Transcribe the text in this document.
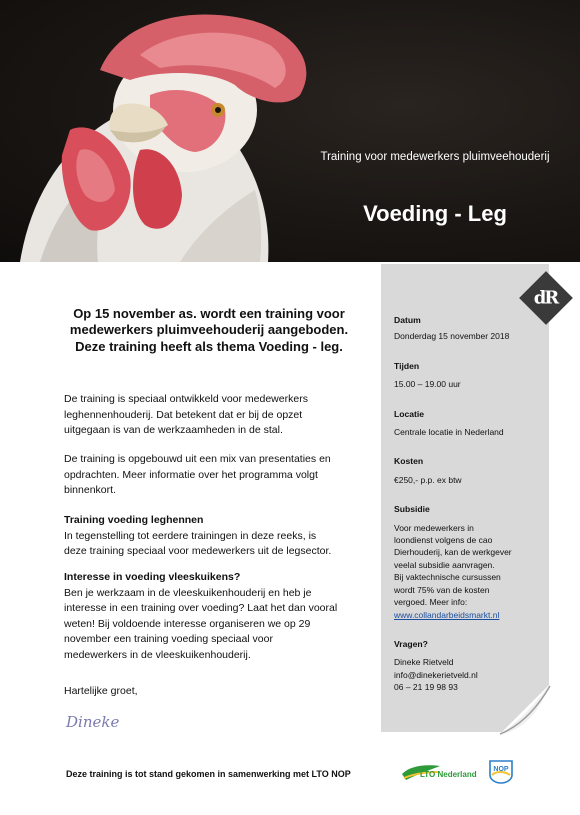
Training voor medewerkers pluimveehouderij
Voeding - Leg
dR
Datum
Donderdag 15 november 2018
Tijden
15.00 – 19.00 uur
Locatie
Centrale locatie in Nederland
Kosten
€250,- p.p. ex btw
Subsidie
Voor medewerkers in
loondienst volgens de cao
Dierhouderij, kan de werkgever
veelal subsidie aanvragen.
Bij vaktechnische cursussen
wordt 75% van de kosten
vergoed. Meer info:
www.collandarbeidsmarkt.nl
Vragen?
Dineke Rietveld
info@dinekerietveld.nl
06 – 21 19 98 93
Op 15 november as. wordt een training voor
medewerkers pluimveehouderij aangeboden.
Deze training heeft als thema Voeding - leg.
De training is speciaal ontwikkeld voor medewerkers
leghennenhouderij. Dat betekent dat er bij de opzet
uitgegaan is van de werkzaamheden in de stal.
De training is opgebouwd uit een mix van presentaties en
opdrachten. Meer informatie over het programma volgt
binnenkort.
Training voeding leghennen
In tegenstelling tot eerdere trainingen in deze reeks, is
deze training speciaal voor medewerkers uit de legsector.
Interesse in voeding vleeskuikens?
Ben je werkzaam in de vleeskuikenhouderij en heb je
interesse in een training over voeding? Laat het dan vooral
weten! Bij voldoende interesse organiseren we op 29
november een training voeding speciaal voor
medewerkers in de vleeskuikenhouderij.
Hartelijke groet,
Dineke
Deze training is tot stand gekomen in samenwerking met LTO NOP	LTO Nederland
NOP
